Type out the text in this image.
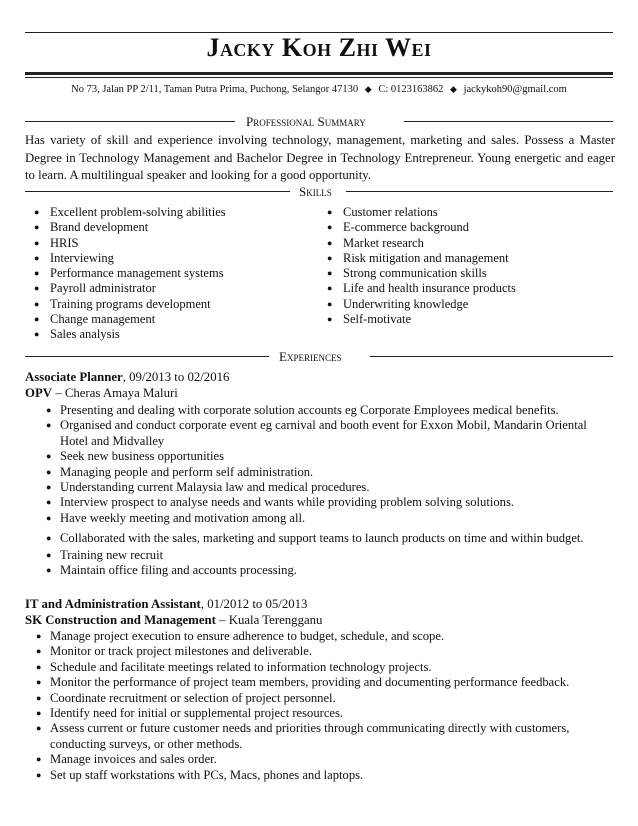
Jacky Koh Zhi Wei
No 73, Jalan PP 2/11, Taman Putra Prima, Puchong, Selangor 47130 ◆ C: 0123163862 ◆ jackykoh90@gmail.com
Professional Summary
Has variety of skill and experience involving technology, management, marketing and sales. Possess a Master Degree in Technology Management and Bachelor Degree in Technology Entrepreneur. Young energetic and eager to learn. A multilingual speaker and looking for a good opportunity.
Skills
● Excellent problem-solving abilities
● Brand development
● HRIS
● Interviewing
● Performance management systems
● Payroll administrator
● Training programs development
● Change management
● Sales analysis
● Customer relations
● E-commerce background
● Market research
● Risk mitigation and management
● Strong communication skills
● Life and health insurance products
● Underwriting knowledge
● Self-motivate
Experiences
Associate Planner, 09/2013 to 02/2016
OPV – Cheras Amaya Maluri
● Presenting and dealing with corporate solution accounts eg Corporate Employees medical benefits.
● Organised and conduct corporate event eg carnival and booth event for Exxon Mobil, Mandarin Oriental Hotel and Midvalley
● Seek new business opportunities
● Managing people and perform self administration.
● Understanding current Malaysia law and medical procedures.
● Interview prospect to analyse needs and wants while providing problem solving solutions.
● Have weekly meeting and motivation among all.
● Collaborated with the sales, marketing and support teams to launch products on time and within budget.
● Training new recruit
● Maintain office filing and accounts processing.
IT and Administration Assistant, 01/2012 to 05/2013
SK Construction and Management – Kuala Terengganu
● Manage project execution to ensure adherence to budget, schedule, and scope.
● Monitor or track project milestones and deliverable.
● Schedule and facilitate meetings related to information technology projects.
● Monitor the performance of project team members, providing and documenting performance feedback.
● Coordinate recruitment or selection of project personnel.
● Identify need for initial or supplemental project resources.
● Assess current or future customer needs and priorities through communicating directly with customers, conducting surveys, or other methods.
● Manage invoices and sales order.
● Set up staff workstations with PCs, Macs, phones and laptops.
